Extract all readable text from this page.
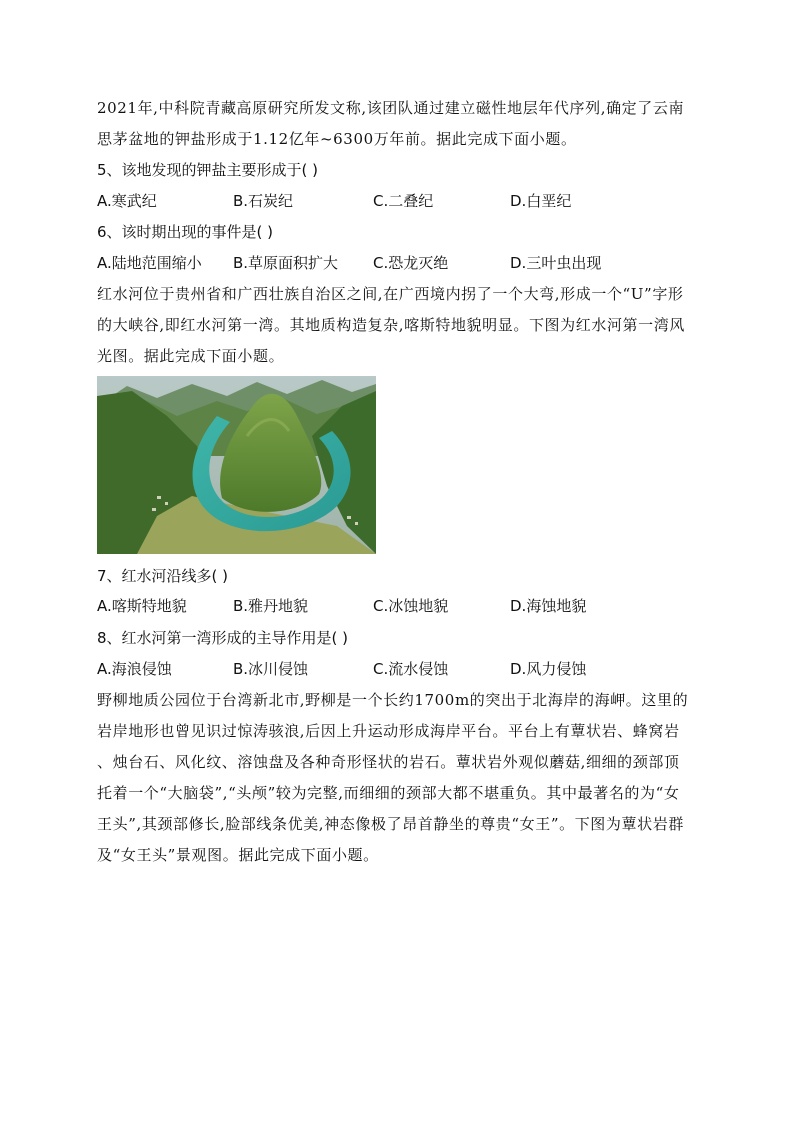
2021年,中科院青藏高原研究所发文称,该团队通过建立磁性地层年代序列,确定了云南
思茅盆地的钾盐形成于1.12亿年~6300万年前。据此完成下面小题。
5、该地发现的钾盐主要形成于( )
A.寒武纪	B.石炭纪	C.二叠纪	D.白垩纪
6、该时期出现的事件是( )
A.陆地范围缩小 B.草原面积扩大 C.恐龙灭绝	D.三叶虫出现
红水河位于贵州省和广西壮族自治区之间,在广西境内拐了一个大弯,形成一个“U”字形
的大峡谷,即红水河第一湾。其地质构造复杂,喀斯特地貌明显。下图为红水河第一湾风
光图。据此完成下面小题。
7、红水河沿线多( )
A.喀斯特地貌	B.雅丹地貌	C.冰蚀地貌	D.海蚀地貌
8、红水河第一湾形成的主导作用是( )
A.海浪侵蚀	B.冰川侵蚀	C.流水侵蚀	D.风力侵蚀
野柳地质公园位于台湾新北市,野柳是一个长约1700m的突出于北海岸的海岬。这里的
岩岸地形也曾见识过惊涛骇浪,后因上升运动形成海岸平台。平台上有蕈状岩、蜂窝岩
、烛台石、风化纹、溶蚀盘及各种奇形怪状的岩石。蕈状岩外观似蘑菇,细细的颈部顶
托着一个“大脑袋”,“头颅”较为完整,而细细的颈部大都不堪重负。其中最著名的为“女
王头”,其颈部修长,脸部线条优美,神态像极了昂首静坐的尊贵“女王”。下图为蕈状岩群
及“女王头”景观图。据此完成下面小题。
